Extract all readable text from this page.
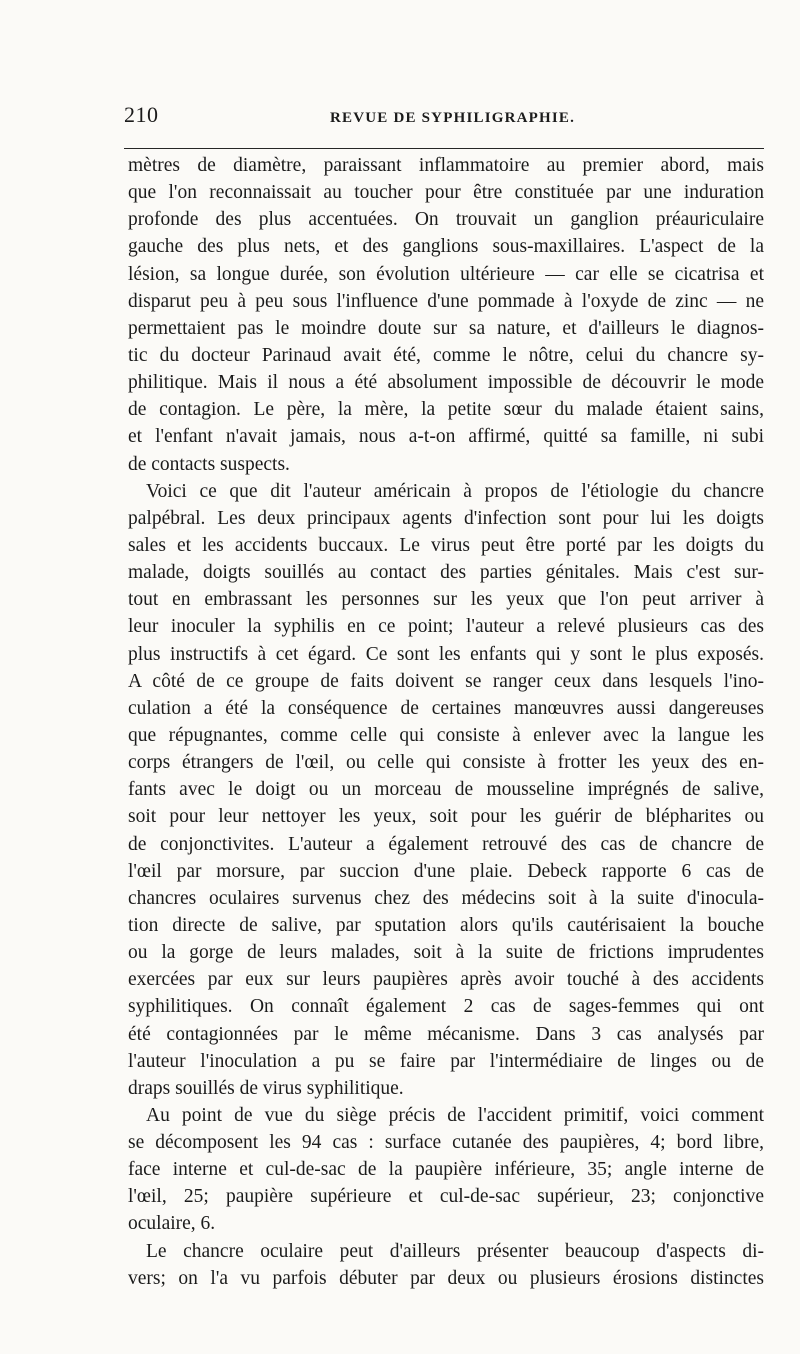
210	REVUE DE SYPHILIGRAPHIE.
mètres de diamètre, paraissant inflammatoire au premier abord, mais
que l'on reconnaissait au toucher pour être constituée par une induration
profonde des plus accentuées. On trouvait un ganglion préauriculaire
gauche des plus nets, et des ganglions sous-maxillaires. L'aspect de la
lésion, sa longue durée, son évolution ultérieure — car elle se cicatrisa et
disparut peu à peu sous l'influence d'une pommade à l'oxyde de zinc — ne
permettaient pas le moindre doute sur sa nature, et d'ailleurs le diagnos-
tic du docteur Parinaud avait été, comme le nôtre, celui du chancre sy-
philitique. Mais il nous a été absolument impossible de découvrir le mode
de contagion. Le père, la mère, la petite sœur du malade étaient sains,
et l'enfant n'avait jamais, nous a-t-on affirmé, quitté sa famille, ni subi
de contacts suspects.
Voici ce que dit l'auteur américain à propos de l'étiologie du chancre
palpébral. Les deux principaux agents d'infection sont pour lui les doigts
sales et les accidents buccaux. Le virus peut être porté par les doigts du
malade, doigts souillés au contact des parties génitales. Mais c'est sur-
tout en embrassant les personnes sur les yeux que l'on peut arriver à
leur inoculer la syphilis en ce point; l'auteur a relevé plusieurs cas des
plus instructifs à cet égard. Ce sont les enfants qui y sont le plus exposés.
A côté de ce groupe de faits doivent se ranger ceux dans lesquels l'ino-
culation a été la conséquence de certaines manœuvres aussi dangereuses
que répugnantes, comme celle qui consiste à enlever avec la langue les
corps étrangers de l'œil, ou celle qui consiste à frotter les yeux des en-
fants avec le doigt ou un morceau de mousseline imprégnés de salive,
soit pour leur nettoyer les yeux, soit pour les guérir de blépharites ou
de conjonctivites. L'auteur a également retrouvé des cas de chancre de
l'œil par morsure, par succion d'une plaie. Debeck rapporte 6 cas de
chancres oculaires survenus chez des médecins soit à la suite d'inocula-
tion directe de salive, par sputation alors qu'ils cautérisaient la bouche
ou la gorge de leurs malades, soit à la suite de frictions imprudentes
exercées par eux sur leurs paupières après avoir touché à des accidents
syphilitiques. On connaît également 2 cas de sages-femmes qui ont
été contagionnées par le même mécanisme. Dans 3 cas analysés par
l'auteur l'inoculation a pu se faire par l'intermédiaire de linges ou de
draps souillés de virus syphilitique.
Au point de vue du siège précis de l'accident primitif, voici comment
se décomposent les 94 cas : surface cutanée des paupières, 4; bord libre,
face interne et cul-de-sac de la paupière inférieure, 35; angle interne de
l'œil, 25; paupière supérieure et cul-de-sac supérieur, 23; conjonctive
oculaire, 6.
Le chancre oculaire peut d'ailleurs présenter beaucoup d'aspects di-
vers; on l'a vu parfois débuter par deux ou plusieurs érosions distinctes
